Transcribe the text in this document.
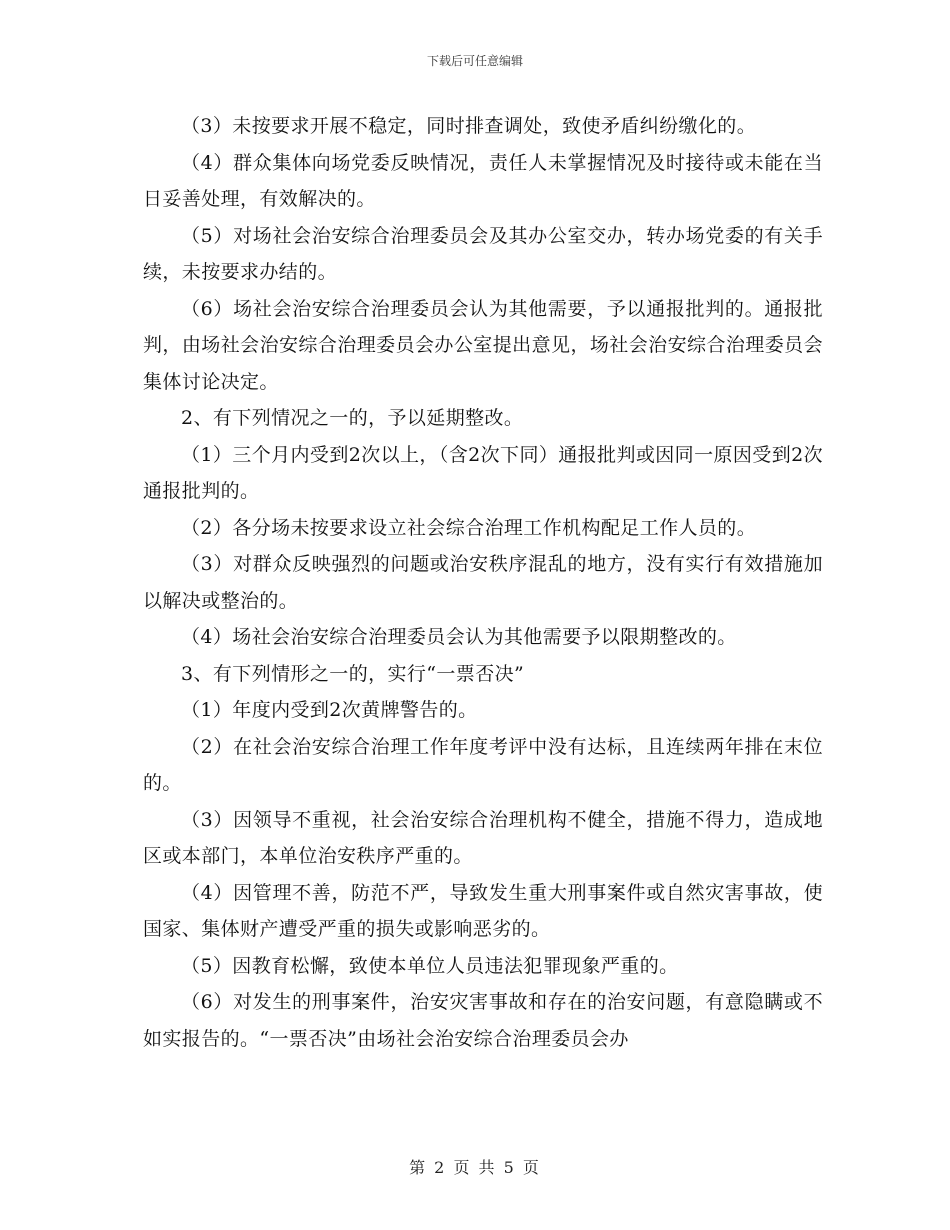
下载后可任意编辑

（3）未按要求开展不稳定，同时排查调处，致使矛盾纠纷缴化的。

（4）群众集体向场党委反映情况，责任人未掌握情况及时接待或未能在当日妥善处理，有效解决的。

（5）对场社会治安综合治理委员会及其办公室交办，转办场党委的有关手续，未按要求办结的。

（6）场社会治安综合治理委员会认为其他需要，予以通报批判的。通报批判，由场社会治安综合治理委员会办公室提出意见，场社会治安综合治理委员会集体讨论决定。

2、有下列情况之一的，予以延期整改。

（1）三个月内受到2次以上，（含2次下同）通报批判或因同一原因受到2次通报批判的。

（2）各分场未按要求设立社会综合治理工作机构配足工作人员的。

（3）对群众反映强烈的问题或治安秩序混乱的地方，没有实行有效措施加以解决或整治的。

（4）场社会治安综合治理委员会认为其他需要予以限期整改的。

3、有下列情形之一的，实行“一票否决”

（1）年度内受到2次黄牌警告的。

（2）在社会治安综合治理工作年度考评中没有达标，且连续两年排在末位的。

（3）因领导不重视，社会治安综合治理机构不健全，措施不得力，造成地区或本部门，本单位治安秩序严重的。

（4）因管理不善，防范不严，导致发生重大刑事案件或自然灾害事故，使国家、集体财产遭受严重的损失或影响恶劣的。

（5）因教育松懈，致使本单位人员违法犯罪现象严重的。

（6）对发生的刑事案件，治安灾害事故和存在的治安问题，有意隐瞒或不如实报告的。“一票否决”由场社会治安综合治理委员会办

第 2 页 共 5 页
